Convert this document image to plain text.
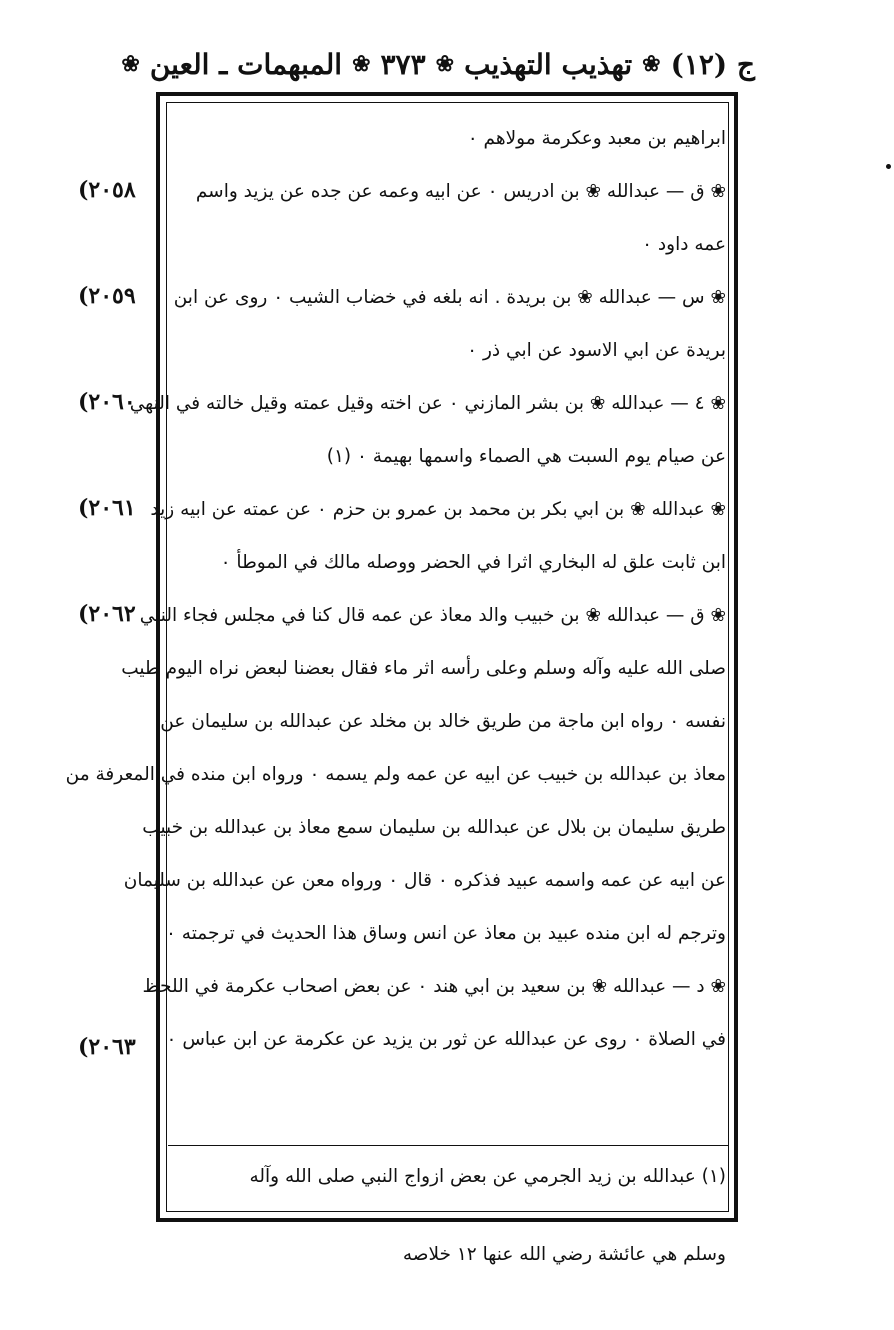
ج (١٢)
❀
تهذيب التهذيب
❀
٣٧٣
❀
المبهمات ـ العين
❀
ابراهيم بن معبد وعكرمة مولاهم ٠
❀ ق — عبدالله ❀ بن ادريس ٠ عن ابيه وعمه عن جده عن يزيد واسم
عمه داود ٠
❀ س — عبدالله ❀ بن بريدة . انه بلغه في خضاب الشيب ٠ روى عن ابن
بريدة عن ابي الاسود عن ابي ذر ٠
❀ ٤ — عبدالله ❀ بن بشر المازني ٠ عن اخته وقيل عمته وقيل خالته في النهي
عن صيام يوم السبت هي الصماء واسمها بهيمة ٠ (١)
❀ عبدالله ❀ بن ابي بكر بن محمد بن عمرو بن حزم ٠ عن عمته عن ابيه زيد
ابن ثابت علق له البخاري اثرا في الحضر ووصله مالك في الموطأ ٠
❀ ق — عبدالله ❀ بن خبيب والد معاذ عن عمه قال كنا في مجلس فجاء النبي
صلى الله عليه وآله وسلم وعلى رأسه اثر ماء فقال بعضنا لبعض نراه اليوم طيب
نفسه ٠ رواه ابن ماجة من طريق خالد بن مخلد عن عبدالله بن سليمان عن
معاذ بن عبدالله بن خبيب عن ابيه عن عمه ولم يسمه ٠ ورواه ابن منده في المعرفة من
طريق سليمان بن بلال عن عبدالله بن سليمان سمع معاذ بن عبدالله بن خبيب
عن ابيه عن عمه واسمه عبيد فذكره ٠ قال ٠ ورواه معن عن عبدالله بن سليمان
وترجم له ابن منده عبيد بن معاذ عن انس وساق هذا الحديث في ترجمته ٠
❀ د — عبدالله ❀ بن سعيد بن ابي هند ٠ عن بعض اصحاب عكرمة في اللحظ
في الصلاة ٠ روى عن عبدالله عن ثور بن يزيد عن عكرمة عن ابن عباس ٠
(٢٠٥٨
(٢٠٥٩
(٢٠٦٠
(٢٠٦١
(٢٠٦٢
(٢٠٦٣
(١) عبدالله بن زيد الجرمي عن بعض ازواج النبي صلى الله وآله
وسلم هي عائشة رضي الله عنها ١٢ خلاصه
